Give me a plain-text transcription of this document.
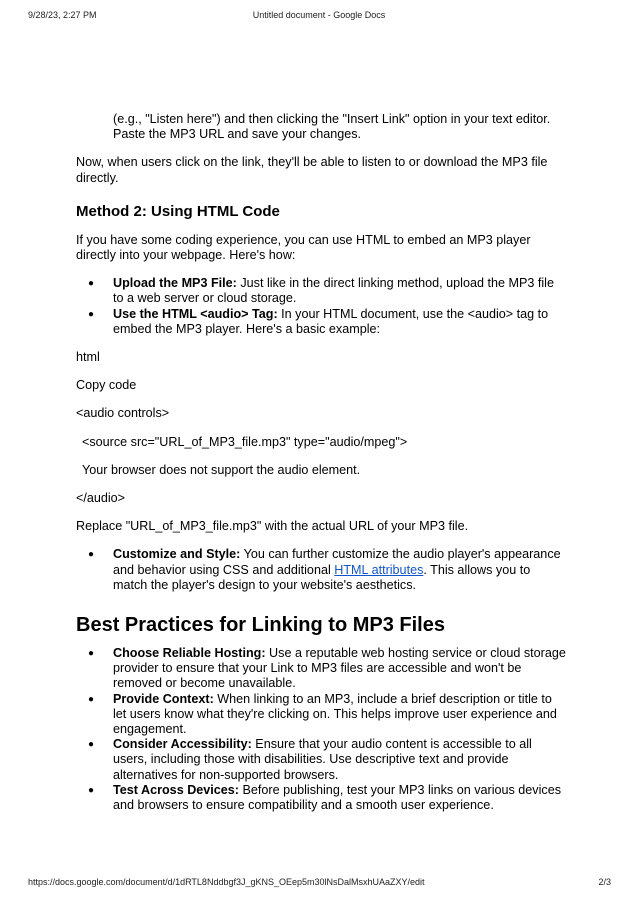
9/28/23, 2:27 PM	Untitled document - Google Docs

(e.g., "Listen here") and then clicking the "Insert Link" option in your text editor. Paste the MP3 URL and save your changes.

Now, when users click on the link, they'll be able to listen to or download the MP3 file directly.

Method 2: Using HTML Code

If you have some coding experience, you can use HTML to embed an MP3 player directly into your webpage. Here's how:

● Upload the MP3 File: Just like in the direct linking method, upload the MP3 file to a web server or cloud storage.
● Use the HTML <audio> Tag: In your HTML document, use the <audio> tag to embed the MP3 player. Here's a basic example:

html

Copy code

<audio controls>

<source src="URL_of_MP3_file.mp3" type="audio/mpeg">

Your browser does not support the audio element.

</audio>

Replace "URL_of_MP3_file.mp3" with the actual URL of your MP3 file.

● Customize and Style: You can further customize the audio player's appearance and behavior using CSS and additional HTML attributes. This allows you to match the player's design to your website's aesthetics.
Best Practices for Linking to MP3 Files
● Choose Reliable Hosting: Use a reputable web hosting service or cloud storage provider to ensure that your Link to MP3 files are accessible and won't be removed or become unavailable.
● Provide Context: When linking to an MP3, include a brief description or title to let users know what they're clicking on. This helps improve user experience and engagement.
● Consider Accessibility: Ensure that your audio content is accessible to all users, including those with disabilities. Use descriptive text and provide alternatives for non-supported browsers.
● Test Across Devices: Before publishing, test your MP3 links on various devices and browsers to ensure compatibility and a smooth user experience.
https://docs.google.com/document/d/1dRTL8Nddbgf3J_gKNS_OEep5m30lNsDalMsxhUAaZXY/edit	2/3
